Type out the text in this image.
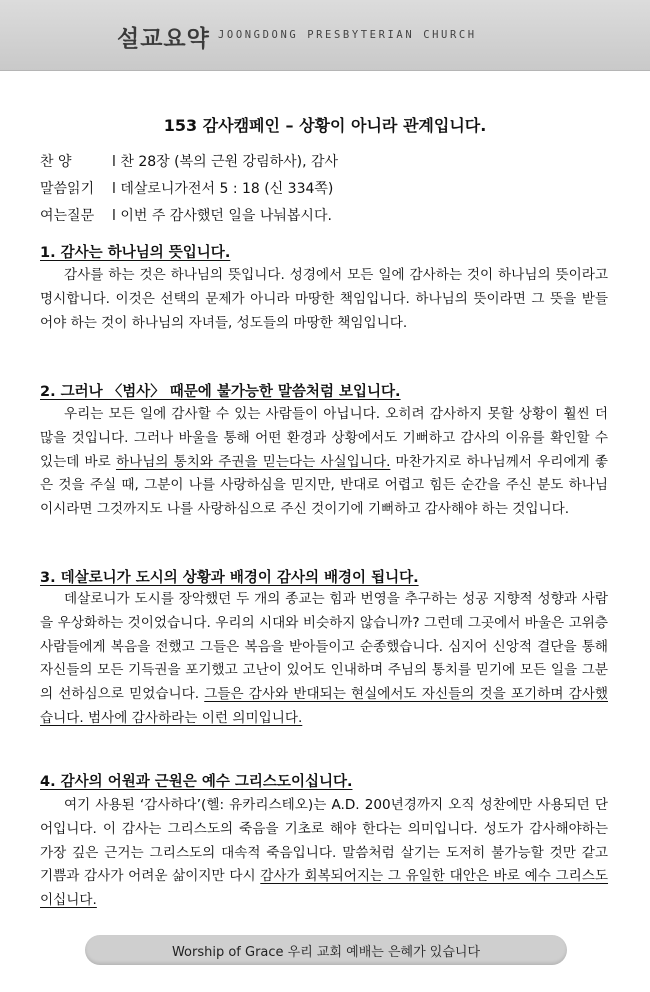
설교요약 JOONGDONG PRESBYTERIAN CHURCH
153 감사캠페인 – 상황이 아니라 관계입니다.
찬 양	l 찬 28장 (복의 근원 강림하사), 감사
말씀읽기 l 데살로니가전서 5 : 18 (신 334쪽)
여는질문 l 이번 주 감사했던 일을 나눠봅시다.
1. 감사는 하나님의 뜻입니다.
감사를 하는 것은 하나님의 뜻입니다. 성경에서 모든 일에 감사하는 것이 하나님의 뜻이라고 명시합니다. 이것은 선택의 문제가 아니라 마땅한 책임입니다. 하나님의 뜻이라면 그 뜻을 받들어야 하는 것이 하나님의 자녀들, 성도들의 마땅한 책임입니다.
2. 그러나 〈범사〉 때문에 불가능한 말씀처럼 보입니다.
우리는 모든 일에 감사할 수 있는 사람들이 아닙니다. 오히려 감사하지 못할 상황이 훨씬 더 많을 것입니다. 그러나 바울을 통해 어떤 환경과 상황에서도 기뻐하고 감사의 이유를 확인할 수 있는데 바로 하나님의 통치와 주권을 믿는다는 사실입니다. 마찬가지로 하나님께서 우리에게 좋은 것을 주실 때, 그분이 나를 사랑하심을 믿지만, 반대로 어렵고 힘든 순간을 주신 분도 하나님이시라면 그것까지도 나를 사랑하심으로 주신 것이기에 기뻐하고 감사해야 하는 것입니다.
3. 데살로니가 도시의 상황과 배경이 감사의 배경이 됩니다.
데살로니가 도시를 장악했던 두 개의 종교는 힘과 번영을 추구하는 성공 지향적 성향과 사람을 우상화하는 것이었습니다. 우리의 시대와 비슷하지 않습니까? 그런데 그곳에서 바울은 고위층 사람들에게 복음을 전했고 그들은 복음을 받아들이고 순종했습니다. 심지어 신앙적 결단을 통해 자신들의 모든 기득권을 포기했고 고난이 있어도 인내하며 주님의 통치를 믿기에 모든 일을 그분의 선하심으로 믿었습니다. 그들은 감사와 반대되는 현실에서도 자신들의 것을 포기하며 감사했습니다. 범사에 감사하라는 이런 의미입니다.
4. 감사의 어원과 근원은 예수 그리스도이십니다.
여기 사용된 ‘감사하다’(헬: 유카리스테오)는 A.D. 200년경까지 오직 성찬에만 사용되던 단어입니다. 이 감사는 그리스도의 죽음을 기초로 해야 한다는 의미입니다. 성도가 감사해야하는 가장 깊은 근거는 그리스도의 대속적 죽음입니다. 말씀처럼 살기는 도저히 불가능할 것만 같고 기쁨과 감사가 어려운 삶이지만 다시 감사가 회복되어지는 그 유일한 대안은 바로 예수 그리스도이십니다.
Worship of Grace 우리 교회 예배는 은혜가 있습니다
